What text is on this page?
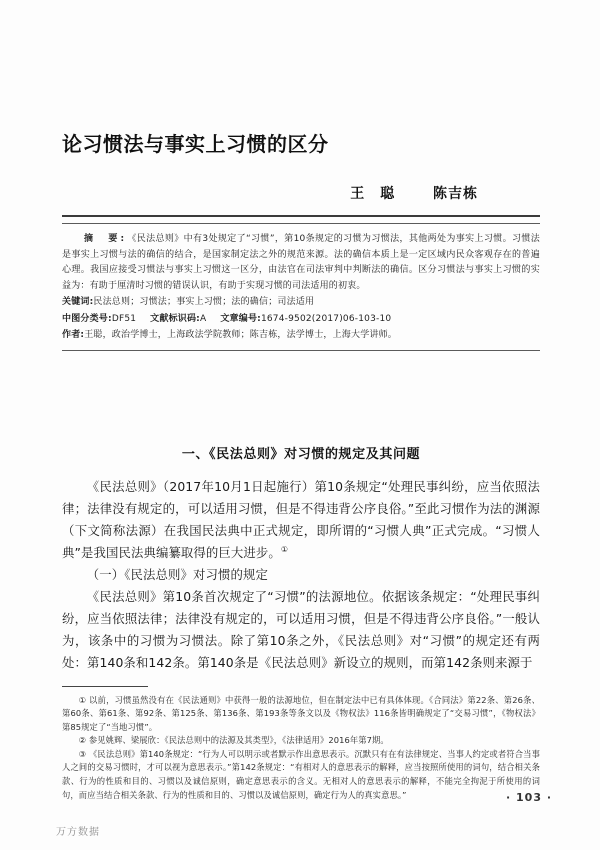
论习惯法与事实上习惯的区分
王　聪	陈吉栋
摘　要:《民法总则》中有3处规定了“习惯”，第10条规定的习惯为习惯法，其他两处为事实上习惯。习惯法是事实上习惯与法的确信的结合，是国家制定法之外的规范来源。法的确信本质上是一定区域内民众客观存在的普遍心理。我国应接受习惯法与事实上习惯这一区分，由法官在司法审判中判断法的确信。区分习惯法与事实上习惯的实益为：有助于厘清时习惯的错误认识，有助于实现习惯的司法适用的初衷。
关键词:民法总则；习惯法；事实上习惯；法的确信；司法适用
中图分类号:DF51 文献标识码:A 文章编号:1674-9502(2017)06-103-10
作者:王聪，政治学博士，上海政法学院教师；陈吉栋，法学博士，上海大学讲师。
一、《民法总则》对习惯的规定及其问题

《民法总则》（2017年10月1日起施行）第10条规定“处理民事纠纷，应当依照法律；法律没有规定的，可以适用习惯，但是不得违背公序良俗。”至此习惯作为法的渊源（下文简称法源）在我国民法典中正式规定，即所谓的“习惯人典”正式完成。“习惯人典”是我国民法典编纂取得的巨大进步。①

（一）《民法总则》对习惯的规定

《民法总则》第10条首次规定了“习惯”的法源地位。依据该条规定：“处理民事纠纷，应当依照法律；法律没有规定的，可以适用习惯，但是不得违背公序良俗。”一般认为，该条中的习惯为习惯法。除了第10条之外，《民法总则》对“习惯”的规定还有两处：第140条和142条。第140条是《民法总则》新设立的规则，而第142条则来源于

① 以前，习惯虽然没有在《民法通则》中获得一般的法源地位，但在制定法中已有具体体现。《合同法》第22条、第26条、第60条、第61条、第92条、第125条、第136条、第193条等条文以及《物权法》116条皆明确规定了“交易习惯”，《物权法》第85规定了“当地习惯”。

② 参见姚辉、梁展欣：《民法总则中的法源及其类型》，《法律适用》2016年第7期。

③ 《民法总则》第140条规定：“行为人可以明示或者默示作出意思表示。沉默只有在有法律规定、当事人约定或者符合当事人之间的交易习惯时，才可以视为意思表示。”第142条规定：“有相对人的意思表示的解释，应当按照所使用的词句，结合相关条款、行为的性质和目的、习惯以及诚信原则，确定意思表示的含义。无相对人的意思表示的解释，不能完全拘泥于所使用的词句，而应当结合相关条款、行为的性质和目的、习惯以及诚信原则，确定行为人的真实意思。”	· 103 ·
万方数据
